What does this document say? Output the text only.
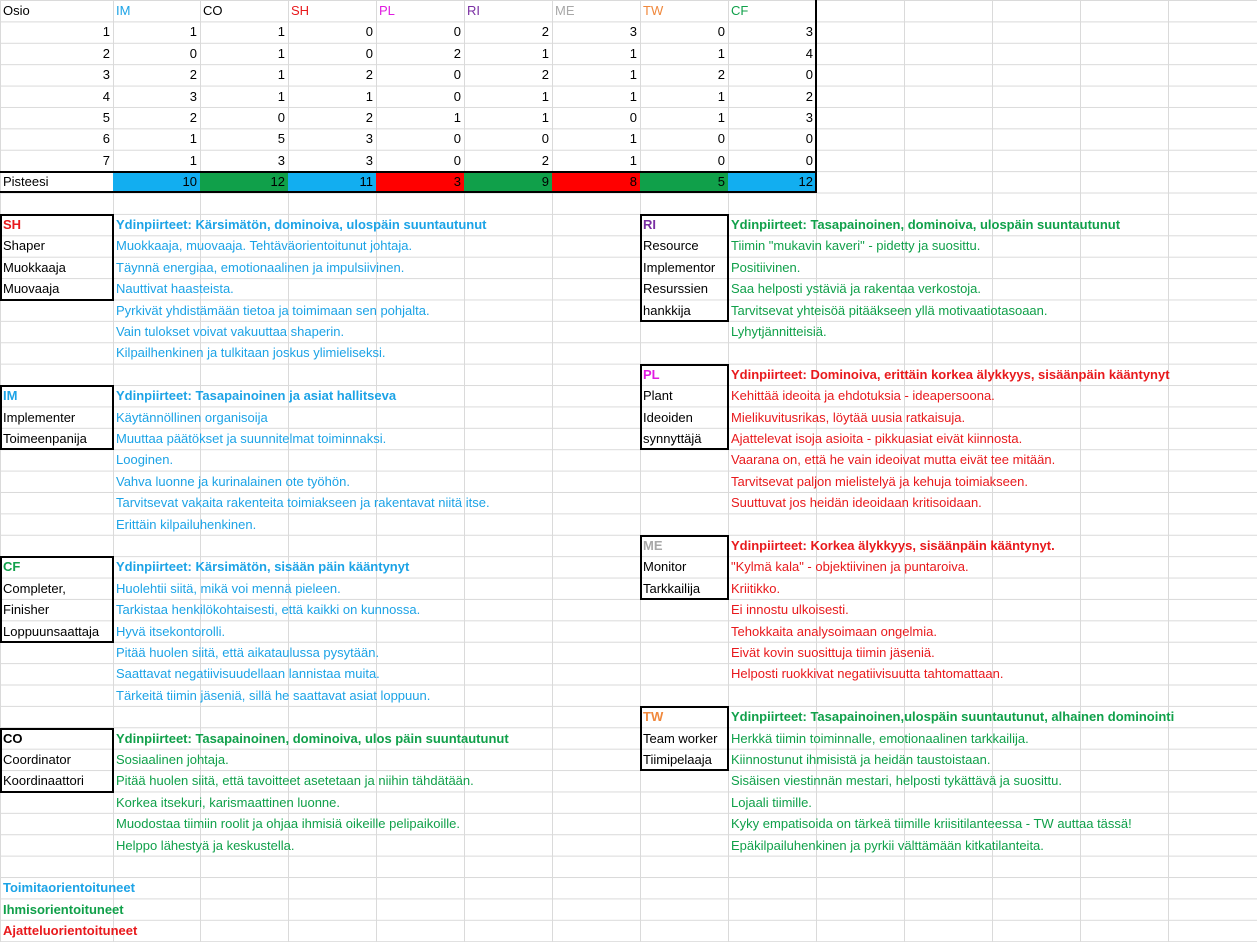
Osio	IM	CO	SH	PL	RI	ME	TW	CF
1	1	1	0	0	2	3	0	3
2	0	1	0	2	1	1	1	4
3	2	1	2	0	2	1	2	0
4	3	1	1	0	1	1	1	2
5	2	0	2	1	1	0	1	3
6	1	5	3	0	0	1	0	0
7	1	3	3	0	2	1	0	0
Pisteesi	10	12	11	3	9	8	5	12
SH
Shaper
Muokkaaja
Muovaaja
Ydinpiirteet: Kärsimätön, dominoiva, ulospäin suuntautunut
Muokkaaja, muovaaja. Tehtäväorientoitunut johtaja.
Täynnä energiaa, emotionaalinen ja impulsiivinen.
Nauttivat haasteista.
Pyrkivät yhdistämään tietoa ja toimimaan sen pohjalta.
Vain tulokset voivat vakuuttaa shaperin.
Kilpailhenkinen ja tulkitaan joskus ylimieliseksi.
IM
Implementer
Toimeenpanija
Ydinpiirteet: Tasapainoinen ja asiat hallitseva
Käytännöllinen organisoija
Muuttaa päätökset ja suunnitelmat toiminnaksi.
Looginen.
Vahva luonne ja kurinalainen ote työhön.
Tarvitsevat vakaita rakenteita toimiakseen ja rakentavat niitä itse.
Erittäin kilpailuhenkinen.
CF
Completer,
Finisher
Loppuunsaattaja
Ydinpiirteet: Kärsimätön, sisään päin kääntynyt
Huolehtii siitä, mikä voi mennä pieleen.
Tarkistaa henkilökohtaisesti, että kaikki on kunnossa.
Hyvä itsekontorolli.
Pitää huolen siitä, että aikataulussa pysytään.
Saattavat negatiivisuudellaan lannistaa muita.
Tärkeitä tiimin jäseniä, sillä he saattavat asiat loppuun.
CO
Coordinator
Koordinaattori
Ydinpiirteet: Tasapainoinen, dominoiva, ulos päin suuntautunut
Sosiaalinen johtaja.
Pitää huolen siitä, että tavoitteet asetetaan ja niihin tähdätään.
Korkea itsekuri, karismaattinen luonne.
Muodostaa tiimiin roolit ja ohjaa ihmisiä oikeille pelipaikoille.
Helppo lähestyä ja keskustella.
RI
Resource
Implementor
Resurssien
hankkija
Ydinpiirteet: Tasapainoinen, dominoiva, ulospäin suuntautunut
Tiimin "mukavin kaveri" - pidetty ja suosittu.
Positiivinen.
Saa helposti ystäviä ja rakentaa verkostoja.
Tarvitsevat yhteisöä pitääkseen yllä motivaatiotasoaan.
Lyhytjännitteisiä.
PL
Plant
Ideoiden
synnyttäjä
Ydinpiirteet: Dominoiva, erittäin korkea älykkyys, sisäänpäin kääntynyt
Kehittää ideoita ja ehdotuksia - ideapersoona.
Mielikuvitusrikas, löytää uusia ratkaisuja.
Ajattelevat isoja asioita - pikkuasiat eivät kiinnosta.
Vaarana on, että he vain ideoivat mutta eivät tee mitään.
Tarvitsevat paljon mielistelyä ja kehuja toimiakseen.
Suuttuvat jos heidän ideoidaan kritisoidaan.
ME
Monitor
Tarkkailija
Ydinpiirteet: Korkea älykkyys, sisäänpäin kääntynyt.
"Kylmä kala" - objektiivinen ja puntaroiva.
Kriitikko.
Ei innostu ulkoisesti.
Tehokkaita analysoimaan ongelmia.
Eivät kovin suosittuja tiimin jäseniä.
Helposti ruokkivat negatiivisuutta tahtomattaan.
TW
Team worker
Tiimipelaaja
Ydinpiirteet: Tasapainoinen,ulospäin suuntautunut, alhainen dominointi
Herkkä tiimin toiminnalle, emotionaalinen tarkkailija.
Kiinnostunut ihmisistä ja heidän taustoistaan.
Sisäisen viestinnän mestari, helposti tykättävä ja suosittu.
Lojaali tiimille.
Kyky empatisoida on tärkeä tiimille kriisitilanteessa - TW auttaa tässä!
Epäkilpailuhenkinen ja pyrkii välttämään kitkatilanteita.
Toimitaorientoituneet
Ihmisorientoituneet
Ajatteluorientoituneet
